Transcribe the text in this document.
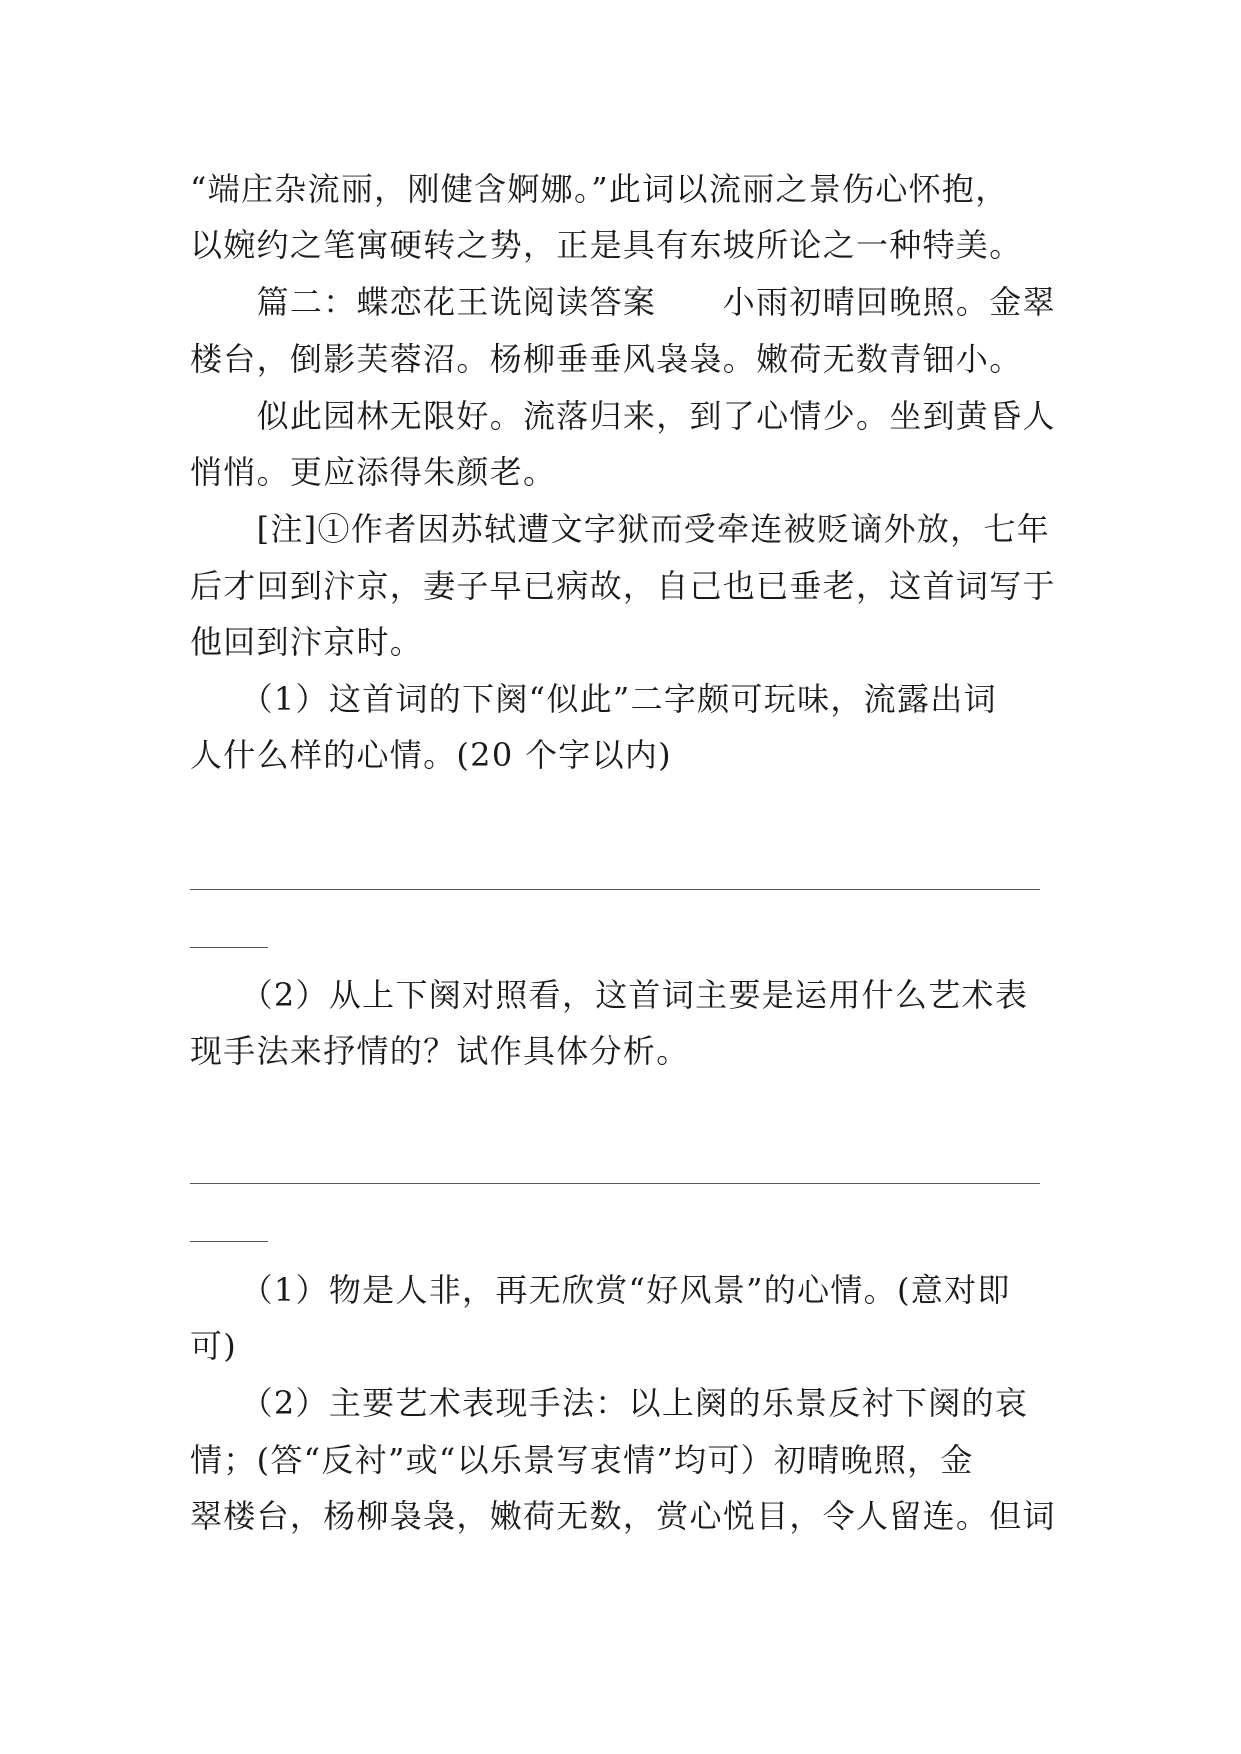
“端庄杂流丽，刚健含婀娜。”此词以流丽之景伤心怀抱，
以婉约之笔寓硬转之势，正是具有东坡所论之一种特美。
　　篇二：蝶恋花王诜阅读答案　　小雨初晴回晚照。金翠
楼台，倒影芙蓉沼。杨柳垂垂风袅袅。嫩荷无数青钿小。
　　似此园林无限好。流落归来，到了心情少。坐到黄昏人
悄悄。更应添得朱颜老。
　　[注]①作者因苏轼遭文字狱而受牵连被贬谪外放，七年
后才回到汴京，妻子早已病故，自己也已垂老，这首词写于
他回到汴京时。
　　（1）这首词的下阕“似此”二字颇可玩味，流露出词
人什么样的心情。(20 个字以内)
　　（2）从上下阕对照看，这首词主要是运用什么艺术表
现手法来抒情的？试作具体分析。
　　（1）物是人非，再无欣赏“好风景”的心情。(意对即
可)
　　（2）主要艺术表现手法：以上阕的乐景反衬下阕的哀
情；(答“反衬”或“以乐景写衷情”均可）初晴晚照，金
翠楼台，杨柳袅袅，嫩荷无数，赏心悦目，令人留连。但词
